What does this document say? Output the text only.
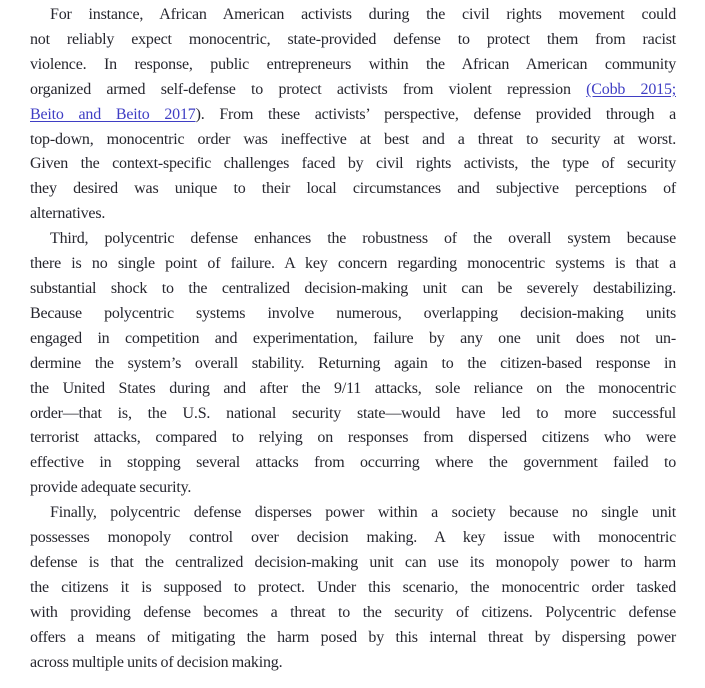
For instance, African American activists during the civil rights movement could
not reliably expect monocentric, state-provided defense to protect them from racist
violence. In response, public entrepreneurs within the African American community
organized armed self-defense to protect activists from violent repression (Cobb 2015;
Beito and Beito 2017). From these activists’ perspective, defense provided through a
top-down, monocentric order was ineffective at best and a threat to security at worst.
Given the context-specific challenges faced by civil rights activists, the type of security
they desired was unique to their local circumstances and subjective perceptions of
alternatives.
Third, polycentric defense enhances the robustness of the overall system because
there is no single point of failure. A key concern regarding monocentric systems is that a
substantial shock to the centralized decision-making unit can be severely destabilizing.
Because polycentric systems involve numerous, overlapping decision-making units
engaged in competition and experimentation, failure by any one unit does not un-
dermine the system’s overall stability. Returning again to the citizen-based response in
the United States during and after the 9/11 attacks, sole reliance on the monocentric
order—that is, the U.S. national security state—would have led to more successful
terrorist attacks, compared to relying on responses from dispersed citizens who were
effective in stopping several attacks from occurring where the government failed to
provide adequate security.
Finally, polycentric defense disperses power within a society because no single unit
possesses monopoly control over decision making. A key issue with monocentric
defense is that the centralized decision-making unit can use its monopoly power to harm
the citizens it is supposed to protect. Under this scenario, the monocentric order tasked
with providing defense becomes a threat to the security of citizens. Polycentric defense
offers a means of mitigating the harm posed by this internal threat by dispersing power
across multiple units of decision making.
